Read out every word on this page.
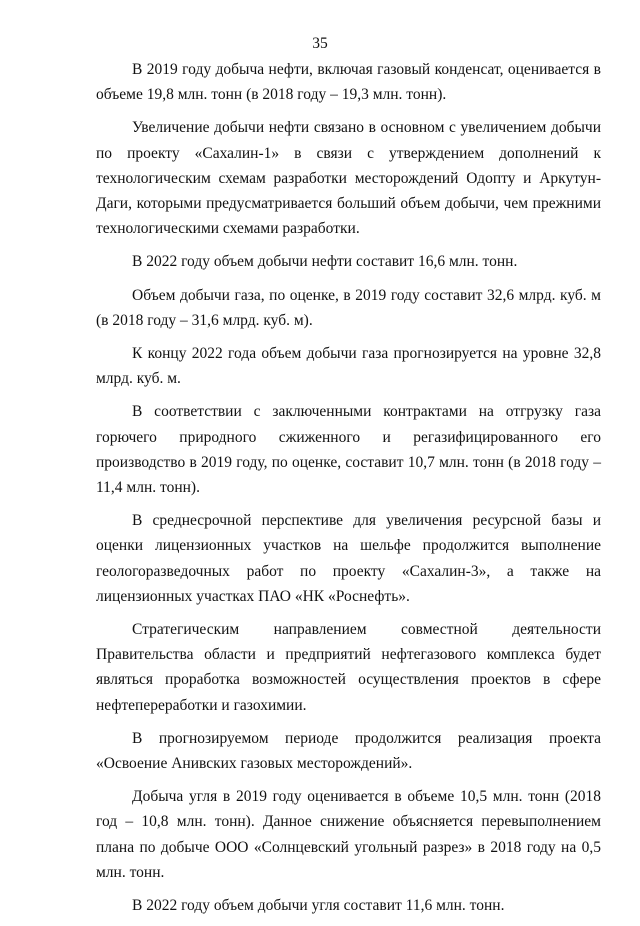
35

В 2019 году добыча нефти, включая газовый конденсат, оценивается в объеме 19,8 млн. тонн (в 2018 году – 19,3 млн. тонн).

Увеличение добычи нефти связано в основном с увеличением добычи по проекту «Сахалин-1» в связи с утверждением дополнений к технологическим схемам разработки месторождений Одопту и Аркутун-Даги, которыми предусматривается больший объем добычи, чем прежними технологическими схемами разработки.

В 2022 году объем добычи нефти составит 16,6 млн. тонн.

Объем добычи газа, по оценке, в 2019 году составит 32,6 млрд. куб. м (в 2018 году – 31,6 млрд. куб. м).

К концу 2022 года объем добычи газа прогнозируется на уровне 32,8 млрд. куб. м.

В соответствии с заключенными контрактами на отгрузку газа горючего природного сжиженного и регазифицированного его производство в 2019 году, по оценке, составит 10,7 млн. тонн (в 2018 году – 11,4 млн. тонн).

В среднесрочной перспективе для увеличения ресурсной базы и оценки лицензионных участков на шельфе продолжится выполнение геологоразведочных работ по проекту «Сахалин-3», а также на лицензионных участках ПАО «НК «Роснефть».

Стратегическим направлением совместной деятельности Правительства области и предприятий нефтегазового комплекса будет являться проработка возможностей осуществления проектов в сфере нефтепереработки и газохимии.

В прогнозируемом периоде продолжится реализация проекта «Освоение Анивских газовых месторождений».

Добыча угля в 2019 году оценивается в объеме 10,5 млн. тонн (2018 год – 10,8 млн. тонн). Данное снижение объясняется перевыполнением плана по добыче ООО «Солнцевский угольный разрез» в 2018 году на 0,5 млн. тонн.

В 2022 году объем добычи угля составит 11,6 млн. тонн.
